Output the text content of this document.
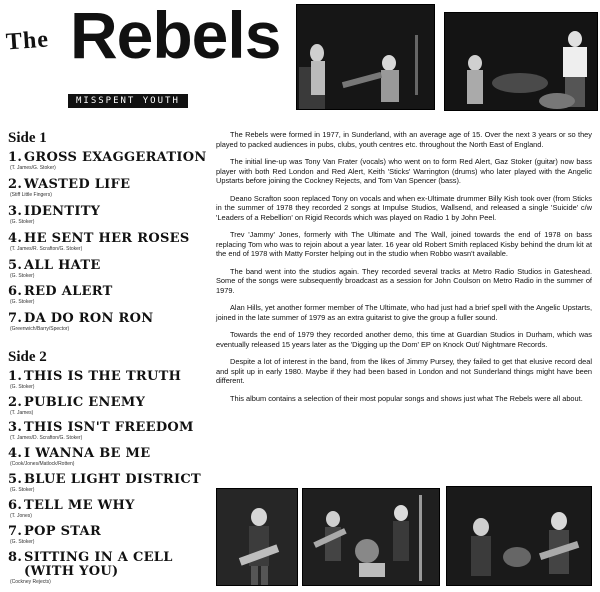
The Rebels
MISSPENT YOUTH
Side 1
1. GROSS EXAGGERATION
(T. James/G. Stoker)
2. WASTED LIFE
(Stiff Little Fingers)
3. IDENTITY
(G. Stoker)
4. HE SENT HER ROSES
(T. James/R. Scrafton/G. Stoker)
5. ALL HATE
(G. Stoker)
6. RED ALERT
(G. Stoker)
7. DA DO RON RON
(Greenwich/Barry/Spector)
Side 2
1. THIS IS THE TRUTH
(G. Stoker)
2. PUBLIC ENEMY
(T. James)
3. THIS ISN'T FREEDOM
(T. James/D. Scrafton/G. Stoker)
4. I WANNA BE ME
(Cook/Jones/Matlock/Rotten)
5. BLUE LIGHT DISTRICT
(G. Stoker)
6. TELL ME WHY
(T. Jones)
7. POP STAR
(G. Stoker)
8. SITTING IN A CELL
(WITH YOU)
(Cockney Rejects)

The Rebels were formed in 1977, in Sunderland, with an average age of 15. Over the next 3 years or so they played to packed audiences in pubs, clubs, youth centres etc. throughout the North East of England.

The initial line-up was Tony Van Frater (vocals) who went on to form Red Alert, Gaz Stoker (guitar) now bass player with both Red London and Red Alert, Keith 'Sticks' Warrington (drums) who later played with the Angelic Upstarts before joining the Cockney Rejects, and Tom Van Spencer (bass).

Deano Scrafton soon replaced Tony on vocals and when ex-Ultimate drummer Billy Kish took over (from Sticks in the summer of 1978 they recorded 2 songs at Impulse Studios, Wallsend, and released a single 'Suicide' c/w 'Leaders of a Rebellion' on Rigid Records which was played on Radio 1 by John Peel.

Trev 'Jammy' Jones, formerly with The Ultimate and The Wall, joined towards the end of 1978 on bass replacing Tom who was to rejoin about a year later. 16 year old Robert Smith replaced Kisby behind the drum kit at the end of 1978 with Matty Forster helping out in the studio when Robbo wasn't available.

The band went into the studios again. They recorded several tracks at Metro Radio Studios in Gateshead. Some of the songs were subsequently broadcast as a session for John Coulson on Metro Radio in the summer of 1979.

Alan Hills, yet another former member of The Ultimate, who had just had a brief spell with the Angelic Upstarts, joined in the late summer of 1979 as an extra guitarist to give the group a fuller sound.

Towards the end of 1979 they recorded another demo, this time at Guardian Studios in Durham, which was eventually released 15 years later as the 'Digging up the Dom' EP on Knock Out/ Nightmare Records.

Despite a lot of interest in the band, from the likes of Jimmy Pursey, they failed to get that elusive record deal and split up in early 1980. Maybe if they had been based in London and not Sunderland things might have been different.

This album contains a selection of their most popular songs and shows just what The Rebels were all about.
